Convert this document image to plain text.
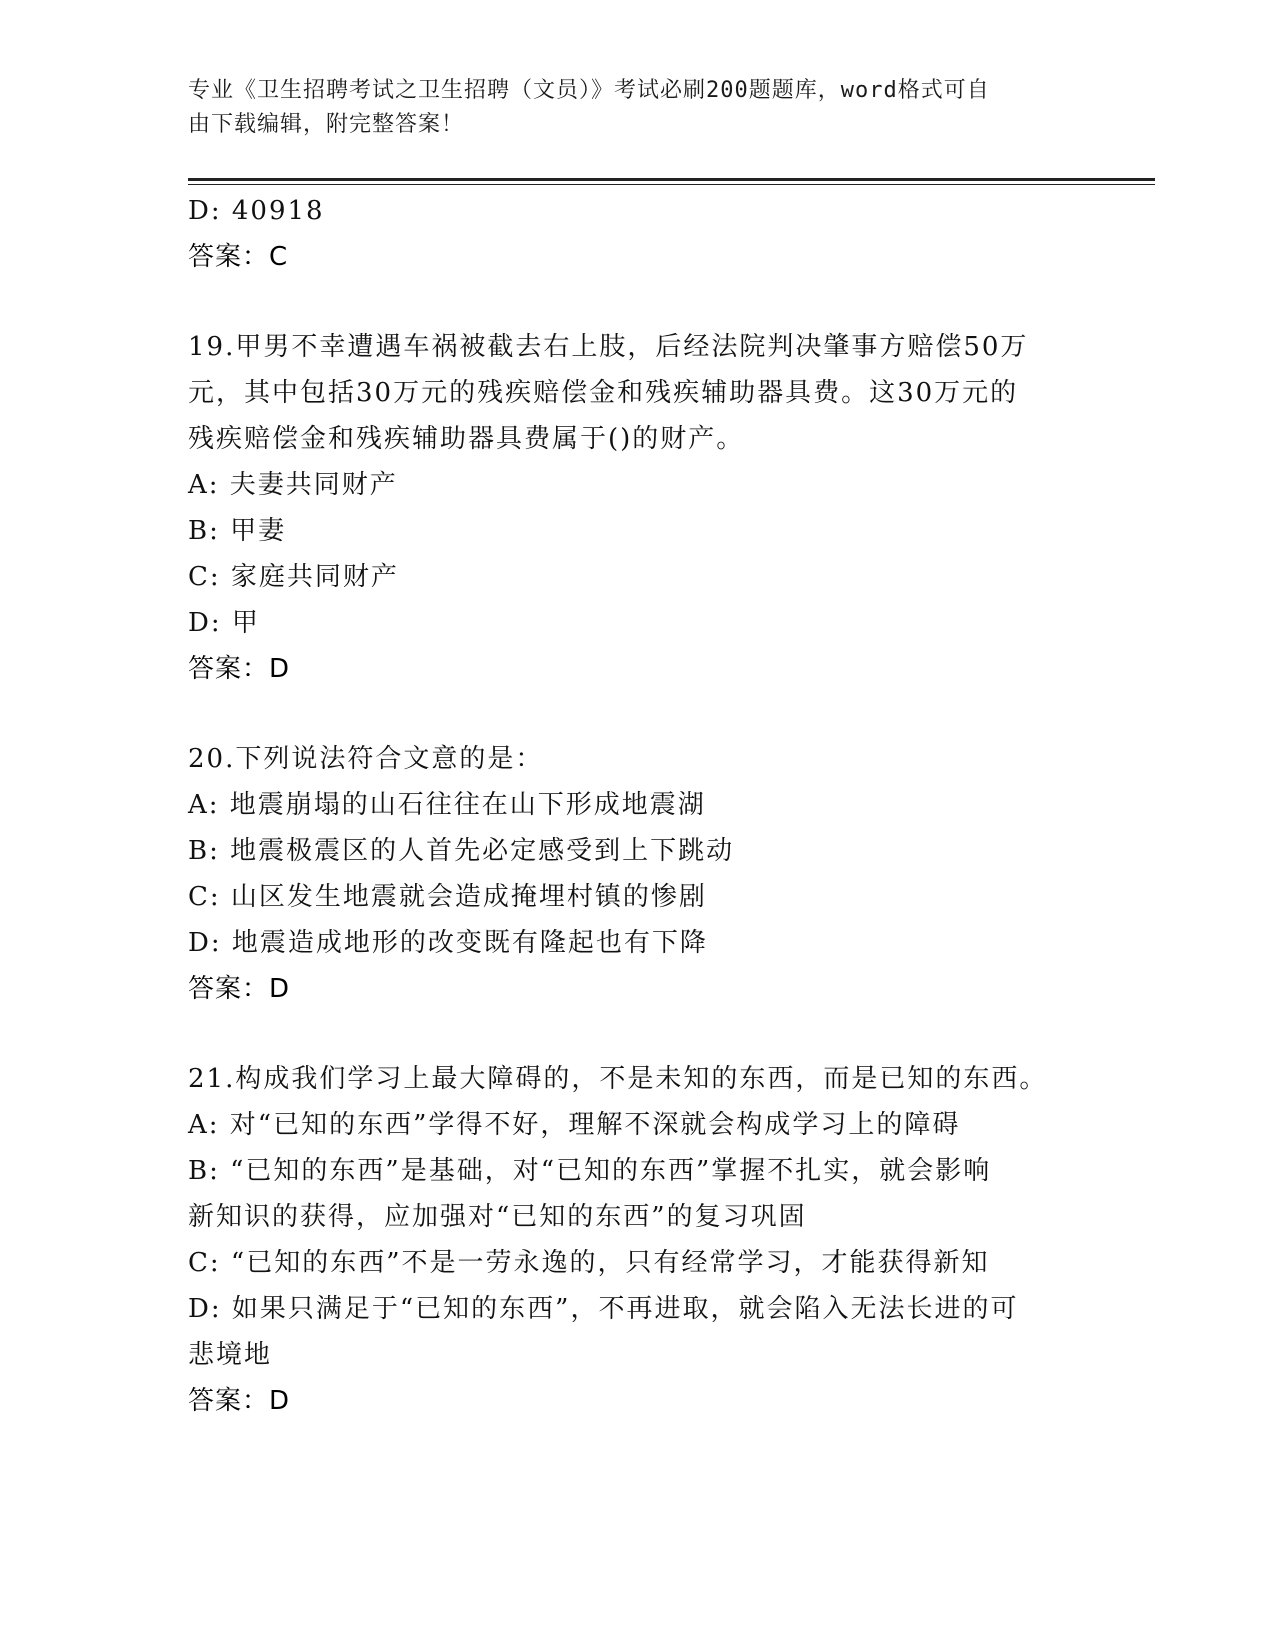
专业《卫生招聘考试之卫生招聘（文员）》考试必刷200题题库，word格式可自
由下载编辑，附完整答案！
D: 40918
答案：C
19.甲男不幸遭遇车祸被截去右上肢，后经法院判决肇事方赔偿50万
元，其中包括30万元的残疾赔偿金和残疾辅助器具费。这30万元的
残疾赔偿金和残疾辅助器具费属于()的财产。
A: 夫妻共同财产
B: 甲妻
C: 家庭共同财产
D: 甲
答案：D
20.下列说法符合文意的是：
A: 地震崩塌的山石往往在山下形成地震湖
B: 地震极震区的人首先必定感受到上下跳动
C: 山区发生地震就会造成掩埋村镇的惨剧
D: 地震造成地形的改变既有隆起也有下降
答案：D
21.构成我们学习上最大障碍的，不是未知的东西，而是已知的东西。
A: 对“已知的东西”学得不好，理解不深就会构成学习上的障碍
B: “已知的东西”是基础，对“已知的东西”掌握不扎实，就会影响
新知识的获得，应加强对“已知的东西”的复习巩固
C: “已知的东西”不是一劳永逸的，只有经常学习，才能获得新知
D: 如果只满足于“已知的东西”，不再进取，就会陷入无法长进的可
悲境地
答案：D
